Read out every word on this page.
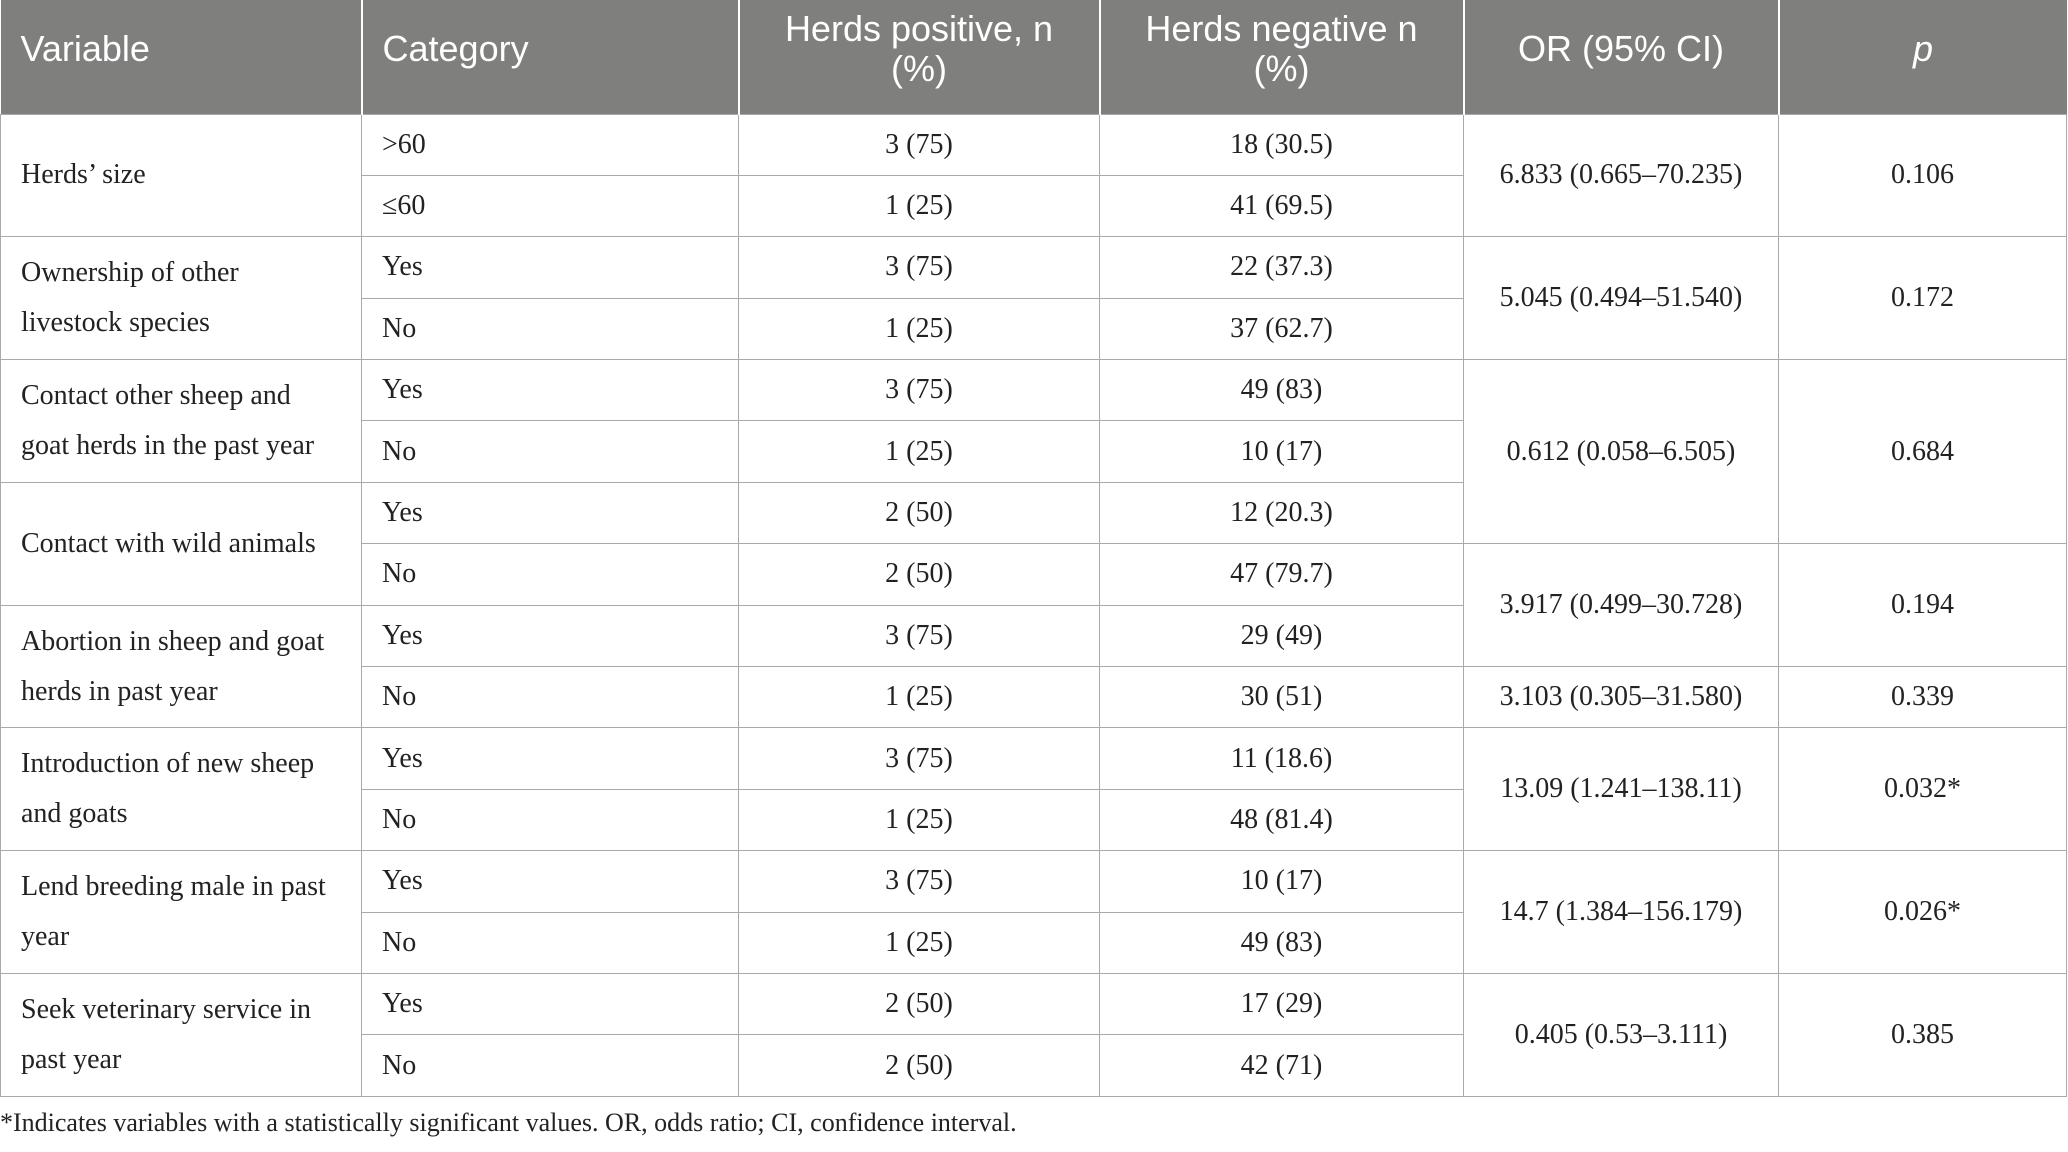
Variable	Category	Herds positive, n (%)	Herds negative n (%)	OR (95% CI)	p

Herds’ size	>60	3 (75)	18 (30.5)	6.833 (0.665–70.235)	0.106
	≤60	1 (25)	41 (69.5)		
Ownership of other livestock species	Yes	3 (75)	22 (37.3)	5.045 (0.494–51.540)	0.172
	No	1 (25)	37 (62.7)		
Contact other sheep and goat herds in the past year	Yes	3 (75)	49 (83)	0.612 (0.058–6.505)	0.684
	No	1 (25)	10 (17)		
Contact with wild animals	Yes	2 (50)	12 (20.3)		
	No	2 (50)	47 (79.7)	3.917 (0.499–30.728)	0.194
Abortion in sheep and goat herds in past year	Yes	3 (75)	29 (49)		
	No	1 (25)	30 (51)	3.103 (0.305–31.580)	0.339
Introduction of new sheep and goats	Yes	3 (75)	11 (18.6)	13.09 (1.241–138.11)	0.032*
	No	1 (25)	48 (81.4)		
Lend breeding male in past year	Yes	3 (75)	10 (17)	14.7 (1.384–156.179)	0.026*
	No	1 (25)	49 (83)		
Seek veterinary service in past year	Yes	2 (50)	17 (29)	0.405 (0.53–3.111)	0.385
	No	2 (50)	42 (71)		
*Indicates variables with a statistically significant values. OR, odds ratio; CI, confidence interval.
